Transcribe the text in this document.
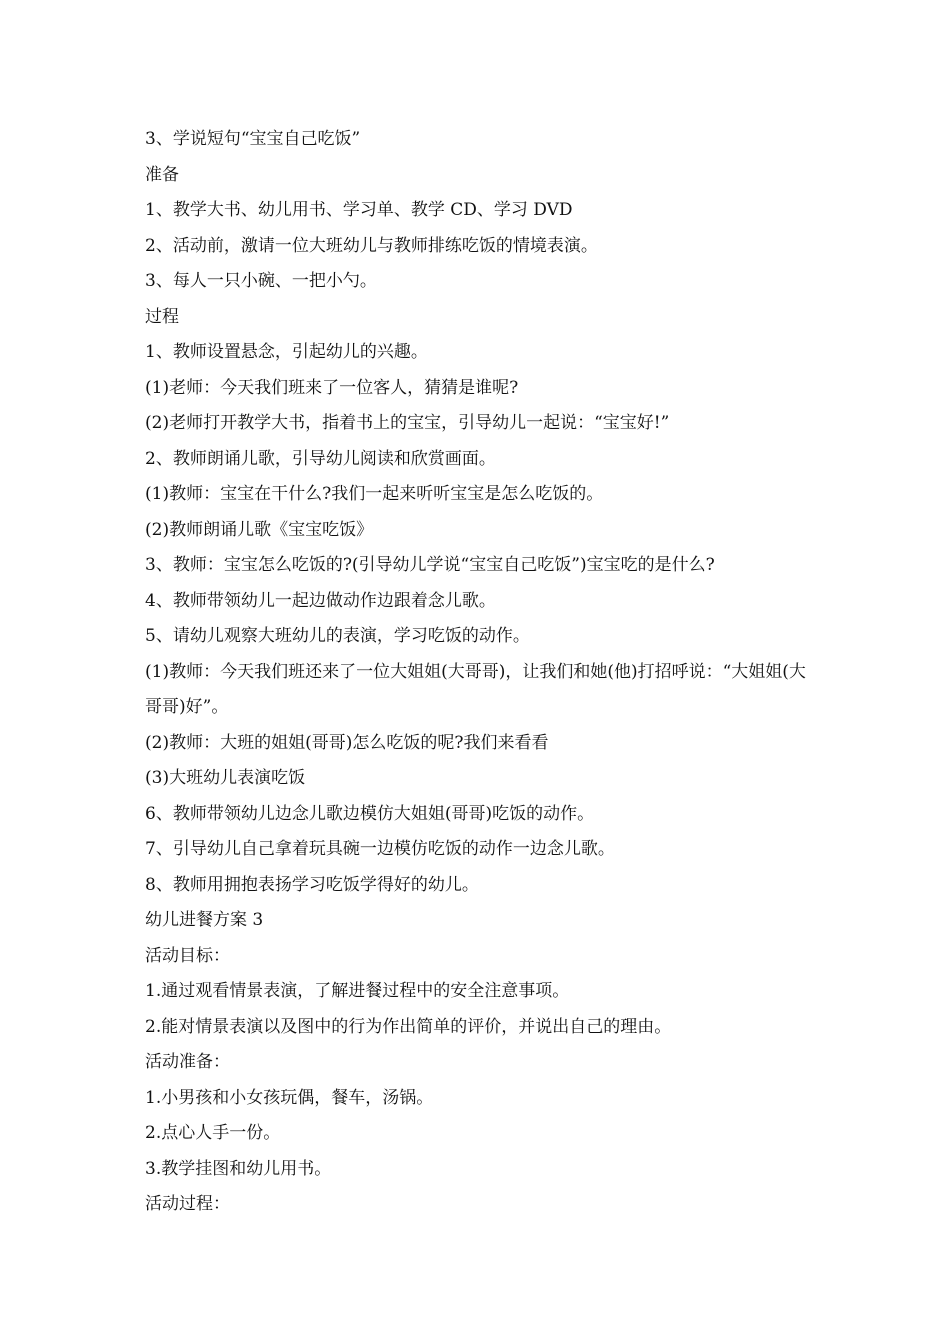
3、学说短句“宝宝自己吃饭”

准备

1、教学大书、幼儿用书、学习单、教学 CD、学习 DVD

2、活动前，激请一位大班幼儿与教师排练吃饭的情境表演。

3、每人一只小碗、一把小勺。

过程

1、教师设置悬念，引起幼儿的兴趣。

(1)老师：今天我们班来了一位客人，猜猜是谁呢?

(2)老师打开教学大书，指着书上的宝宝，引导幼儿一起说：“宝宝好!”

2、教师朗诵儿歌，引导幼儿阅读和欣赏画面。

(1)教师：宝宝在干什么?我们一起来听听宝宝是怎么吃饭的。

(2)教师朗诵儿歌《宝宝吃饭》

3、教师：宝宝怎么吃饭的?(引导幼儿学说“宝宝自己吃饭”)宝宝吃的是什么?

4、教师带领幼儿一起边做动作边跟着念儿歌。

5、请幼儿观察大班幼儿的表演，学习吃饭的动作。

(1)教师：今天我们班还来了一位大姐姐(大哥哥)，让我们和她(他)打招呼说：“大姐姐(大哥哥)好”。

(2)教师：大班的姐姐(哥哥)怎么吃饭的呢?我们来看看

(3)大班幼儿表演吃饭

6、教师带领幼儿边念儿歌边模仿大姐姐(哥哥)吃饭的动作。

7、引导幼儿自己拿着玩具碗一边模仿吃饭的动作一边念儿歌。

8、教师用拥抱表扬学习吃饭学得好的幼儿。

幼儿进餐方案 3

活动目标：

1.通过观看情景表演，了解进餐过程中的安全注意事项。

2.能对情景表演以及图中的行为作出简单的评价，并说出自己的理由。

活动准备：

1.小男孩和小女孩玩偶，餐车，汤锅。

2.点心人手一份。

3.教学挂图和幼儿用书。

活动过程：
